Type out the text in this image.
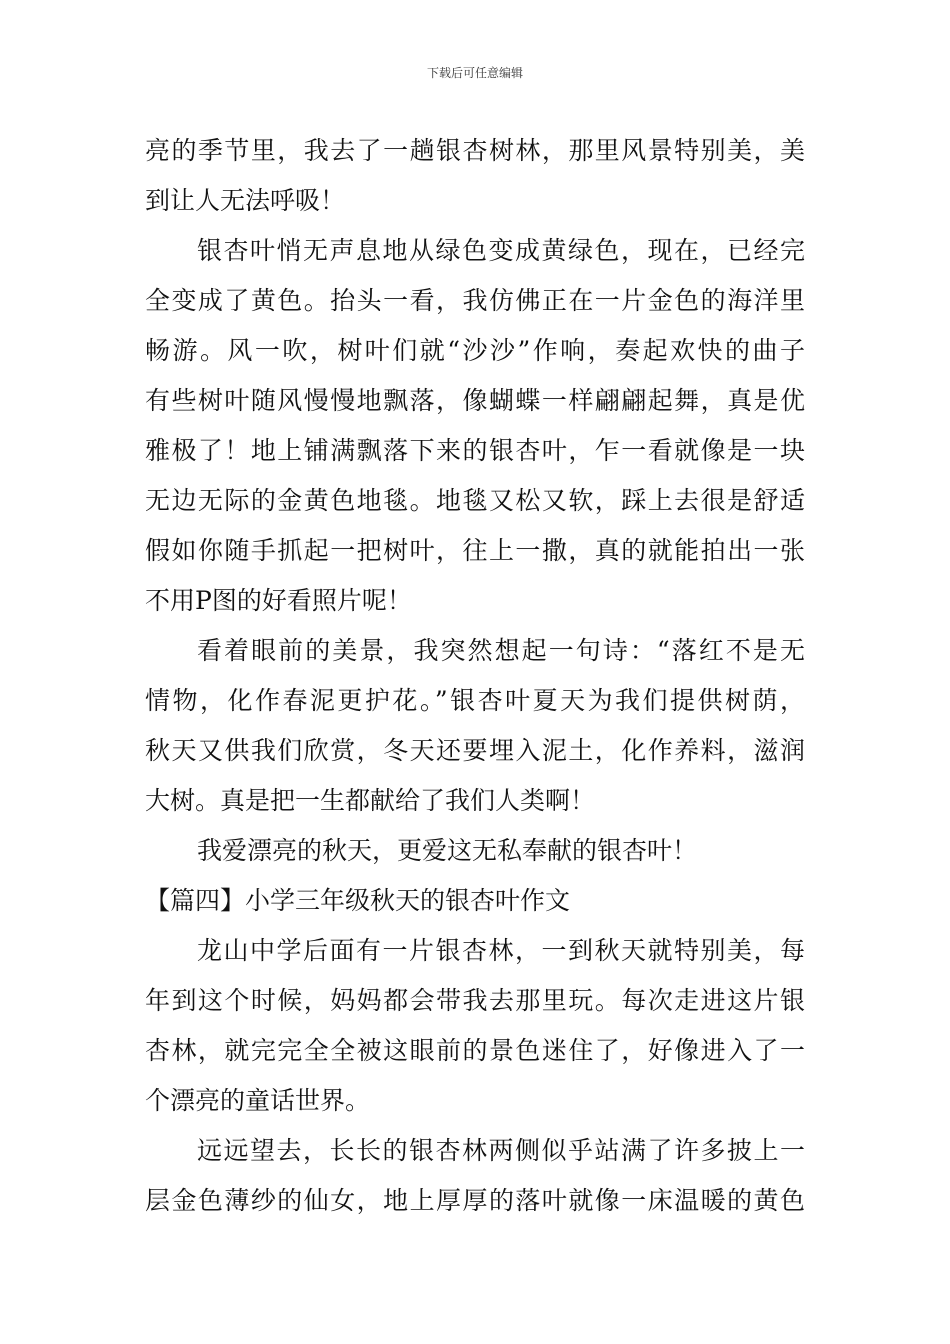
下载后可任意编辑
亮的季节里，我去了一趟银杏树林，那里风景特别美，美
到让人无法呼吸！
银杏叶悄无声息地从绿色变成黄绿色，现在，已经完
全变成了黄色。抬头一看，我仿佛正在一片金色的海洋里
畅游。风一吹，树叶们就“沙沙”作响，奏起欢快的曲子
有些树叶随风慢慢地飘落，像蝴蝶一样翩翩起舞，真是优
雅极了！地上铺满飘落下来的银杏叶，乍一看就像是一块
无边无际的金黄色地毯。地毯又松又软，踩上去很是舒适
假如你随手抓起一把树叶，往上一撒，真的就能拍出一张
不用P图的好看照片呢！
看着眼前的美景，我突然想起一句诗：“落红不是无
情物，化作春泥更护花。”银杏叶夏天为我们提供树荫，
秋天又供我们欣赏，冬天还要埋入泥土，化作养料，滋润
大树。真是把一生都献给了我们人类啊！
我爱漂亮的秋天，更爱这无私奉献的银杏叶！
【篇四】小学三年级秋天的银杏叶作文
龙山中学后面有一片银杏林，一到秋天就特别美，每
年到这个时候，妈妈都会带我去那里玩。每次走进这片银
杏林，就完完全全被这眼前的景色迷住了，好像进入了一
个漂亮的童话世界。
远远望去，长长的银杏林两侧似乎站满了许多披上一
层金色薄纱的仙女，地上厚厚的落叶就像一床温暖的黄色
